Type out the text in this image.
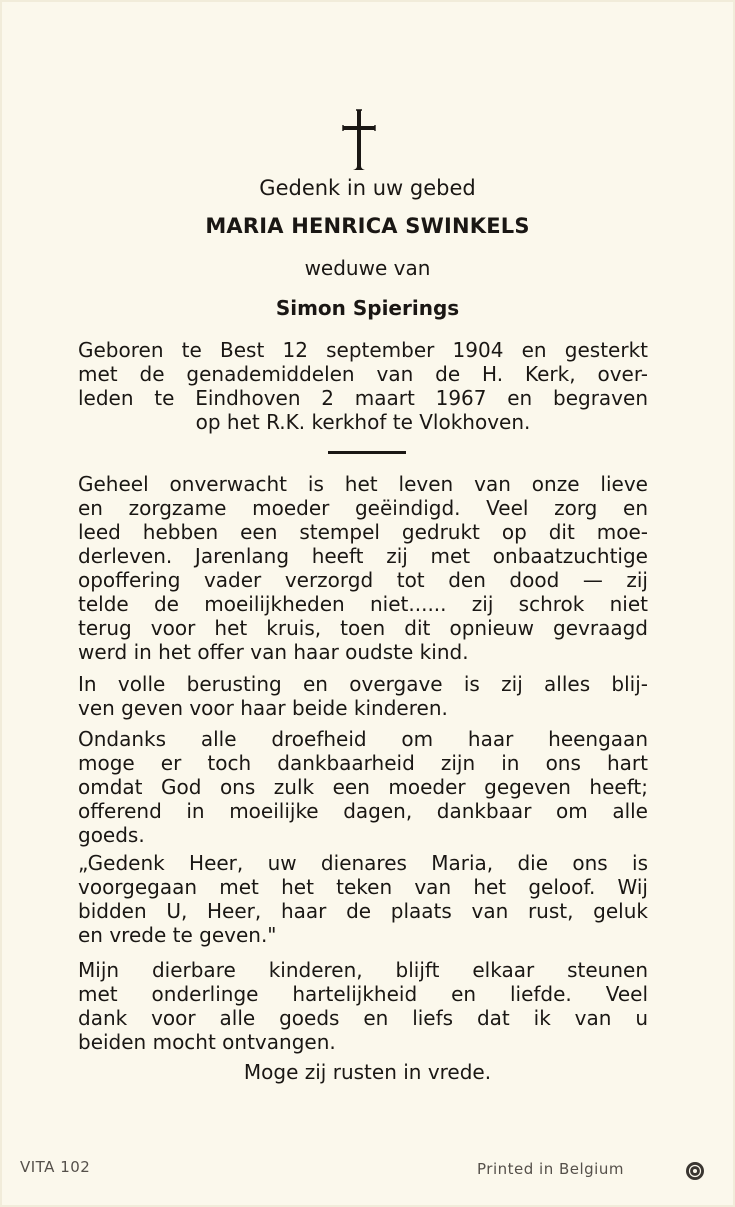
Gedenk in uw gebed
MARIA HENRICA SWINKELS
weduwe van
Simon Spierings
Geboren te Best 12 september 1904 en gesterkt
met de genademiddelen van de H. Kerk, over-
leden te Eindhoven 2 maart 1967 en begraven
op het R.K. kerkhof te Vlokhoven.
Geheel onverwacht is het leven van onze lieve
en zorgzame moeder geëindigd. Veel zorg en
leed hebben een stempel gedrukt op dit moe-
derleven. Jarenlang heeft zij met onbaatzuchtige
opoffering vader verzorgd tot den dood — zij
telde de moeilijkheden niet...... zij schrok niet
terug voor het kruis, toen dit opnieuw gevraagd
werd in het offer van haar oudste kind.
In volle berusting en overgave is zij alles blij-
ven geven voor haar beide kinderen.
Ondanks alle droefheid om haar heengaan
moge er toch dankbaarheid zijn in ons hart
omdat God ons zulk een moeder gegeven heeft;
offerend in moeilijke dagen, dankbaar om alle
goeds.
„Gedenk Heer, uw dienares Maria, die ons is
voorgegaan met het teken van het geloof. Wij
bidden U, Heer, haar de plaats van rust, geluk
en vrede te geven."
Mijn dierbare kinderen, blijft elkaar steunen
met onderlinge hartelijkheid en liefde. Veel
dank voor alle goeds en liefs dat ik van u
beiden mocht ontvangen.
Moge zij rusten in vrede.
VITA 102	Printed in Belgium
